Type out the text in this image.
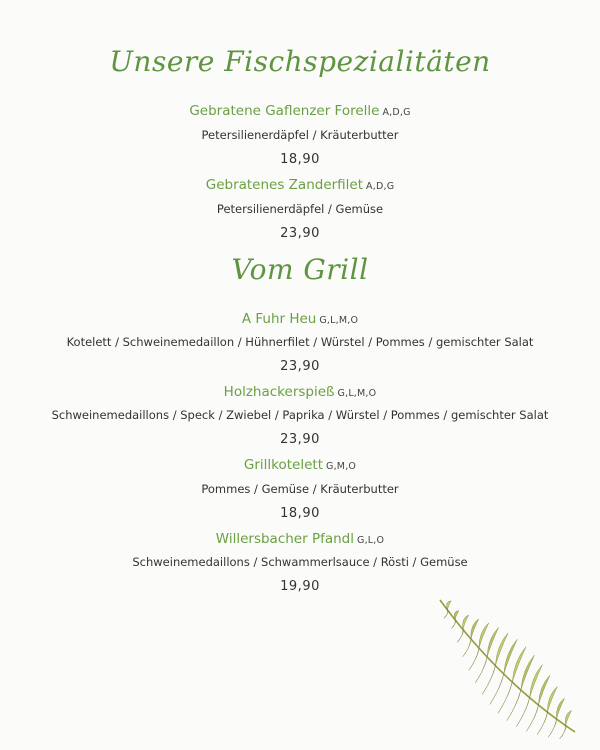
Unsere Fischspezialitäten
Gebratene Gaflenzer Forelle A,D,G
Petersilienerdäpfel / Kräuterbutter
18,90
Gebratenes Zanderfilet A,D,G
Petersilienerdäpfel / Gemüse
23,90
Vom Grill
A Fuhr Heu G,L,M,O
Kotelett / Schweinemedaillon / Hühnerfilet / Würstel / Pommes / gemischter Salat
23,90
Holzhackerspieß G,L,M,O
Schweinemedaillons / Speck / Zwiebel / Paprika / Würstel / Pommes / gemischter Salat
23,90
Grillkotelett G,M,O
Pommes / Gemüse / Kräuterbutter
18,90
Willersbacher Pfandl G,L,O
Schweinemedaillons / Schwammerlsauce / Rösti / Gemüse
19,90
